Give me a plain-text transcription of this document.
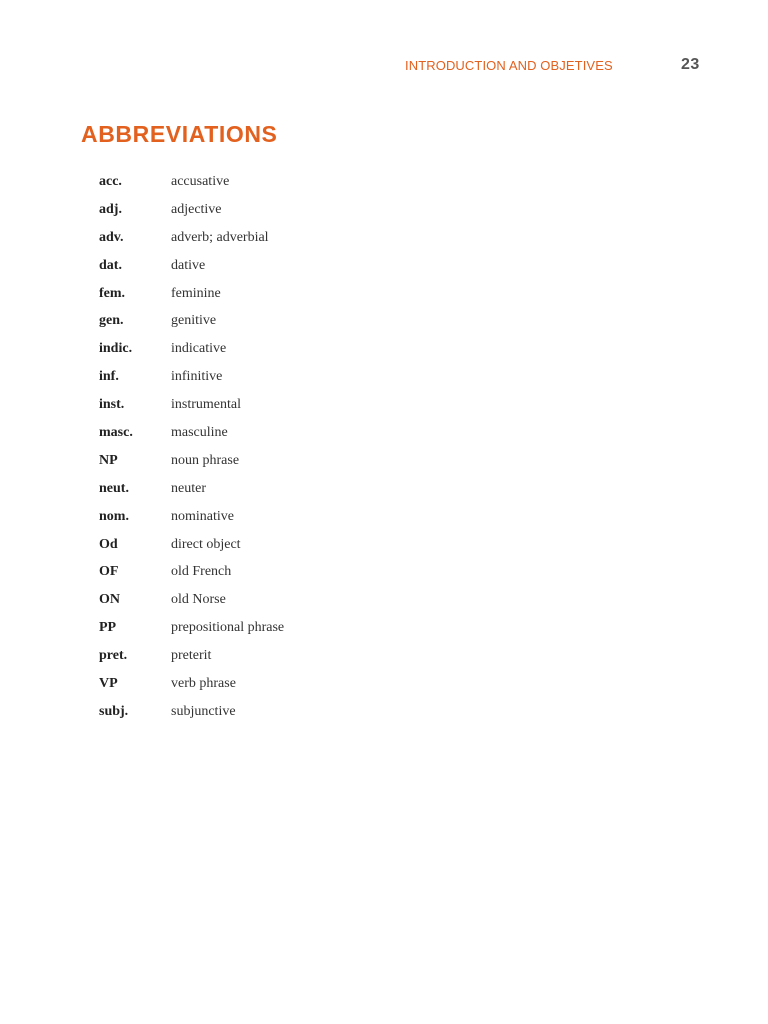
INTRODUCTION AND OBJETIVES	23
ABBREVIATIONS
acc.	accusative
adj.	adjective
adv.	adverb; adverbial
dat.	dative
fem.	feminine
gen.	genitive
indic.	indicative
inf.	infinitive
inst.	instrumental
masc.	masculine
NP	noun phrase
neut.	neuter
nom.	nominative
Od	direct object
OF	old French
ON	old Norse
PP	prepositional phrase
pret.	preterit
VP	verb phrase
subj.	subjunctive
